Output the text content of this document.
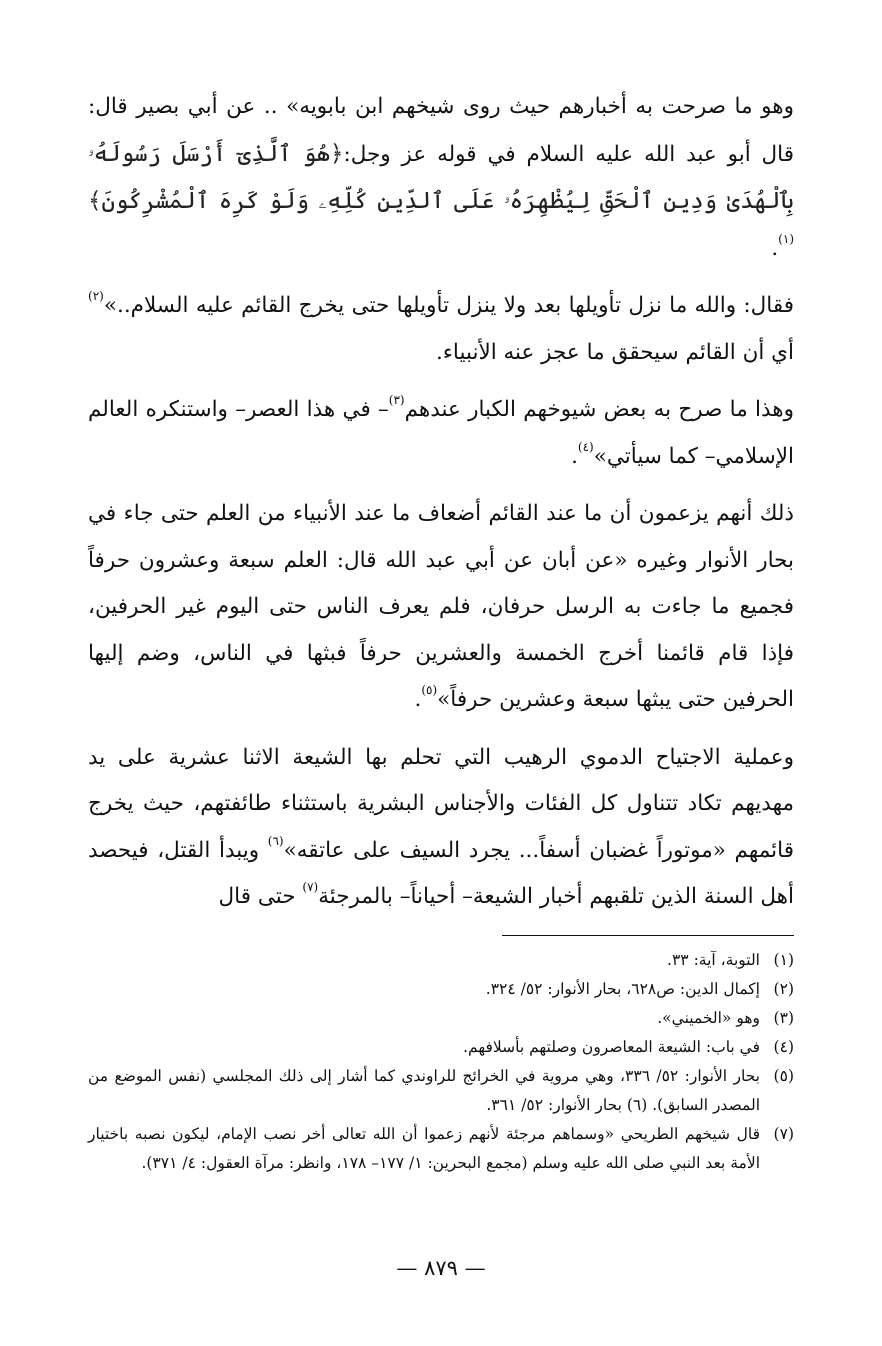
وهو ما صرحت به أخبارهم حيث روى شيخهم ابن بابويه» .. عن أبي بصير قال: قال أبو عبد الله عليه السلام في قوله عز وجل:﴿هُوَ ٱلَّذِىٓ أَرْسَلَ رَسُولَهُۥ بِٱلْهُدَىٰ وَدِينِ ٱلْحَقِّ لِيُظْهِرَهُۥ عَلَى ٱلدِّينِ كُلِّهِۦ وَلَوْ كَرِهَ ٱلْمُشْرِكُونَ﴾$^{(١)}$.

فقال: والله ما نزل تأويلها بعد ولا ينزل تأويلها حتى يخرج القائم عليه السلام..»$^{(٢)}$ أي أن القائم سيحقق ما عجز عنه الأنبياء.

وهذا ما صرح به بعض شيوخهم الكبار عندهم$^{(٣)}$– في هذا العصر– واستنكره العالم الإسلامي– كما سيأتي»$^{(٤)}$.

ذلك أنهم يزعمون أن ما عند القائم أضعاف ما عند الأنبياء من العلم حتى جاء في بحار الأنوار وغيره «عن أبان عن أبي عبد الله قال: العلم سبعة وعشرون حرفاً فجميع ما جاءت به الرسل حرفان، فلم يعرف الناس حتى اليوم غير الحرفين، فإذا قام قائمنا أخرج الخمسة والعشرين حرفاً فبثها في الناس، وضم إليها الحرفين حتى يبثها سبعة وعشرين حرفاً»$^{(٥)}$.

وعملية الاجتياح الدموي الرهيب التي تحلم بها الشيعة الاثنا عشرية على يد مهديهم تكاد تتناول كل الفئات والأجناس البشرية باستثناء طائفتهم، حيث يخرج قائمهم «موتوراً غضبان أسفاً... يجرد السيف على عاتقه»$^{(٦)}$ ويبدأ القتل، فيحصد أهل السنة الذين تلقبهم أخبار الشيعة– أحياناً– بالمرجئة$^{(٧)}$ حتى قال

(١)
التوبة، آية: ٣٣.
(٢)
إكمال الدين: ص٦٢٨، بحار الأنوار: ٥٢/ ٣٢٤.
(٣)
وهو «الخميني».
(٤)
في باب: الشيعة المعاصرون وصلتهم بأسلافهم.
(٥)
بحار الأنوار: ٥٢/ ٣٣٦، وهي مروية في الخرائج للراوندي كما أشار إلى ذلك المجلسي (نفس الموضع من المصدر السابق). (٦) بحار الأنوار: ٥٢/ ٣٦١.
(٧)
قال شيخهم الطريحي «وسماهم مرجئة لأنهم زعموا أن الله تعالى أخر نصب الإمام، ليكون نصبه باختيار الأمة بعد النبي صلى الله عليه وسلم (مجمع البحرين: ١/ ١٧٧– ١٧٨، وانظر: مرآة العقول: ٤/ ٣٧١).
— ٨٧٩ —
